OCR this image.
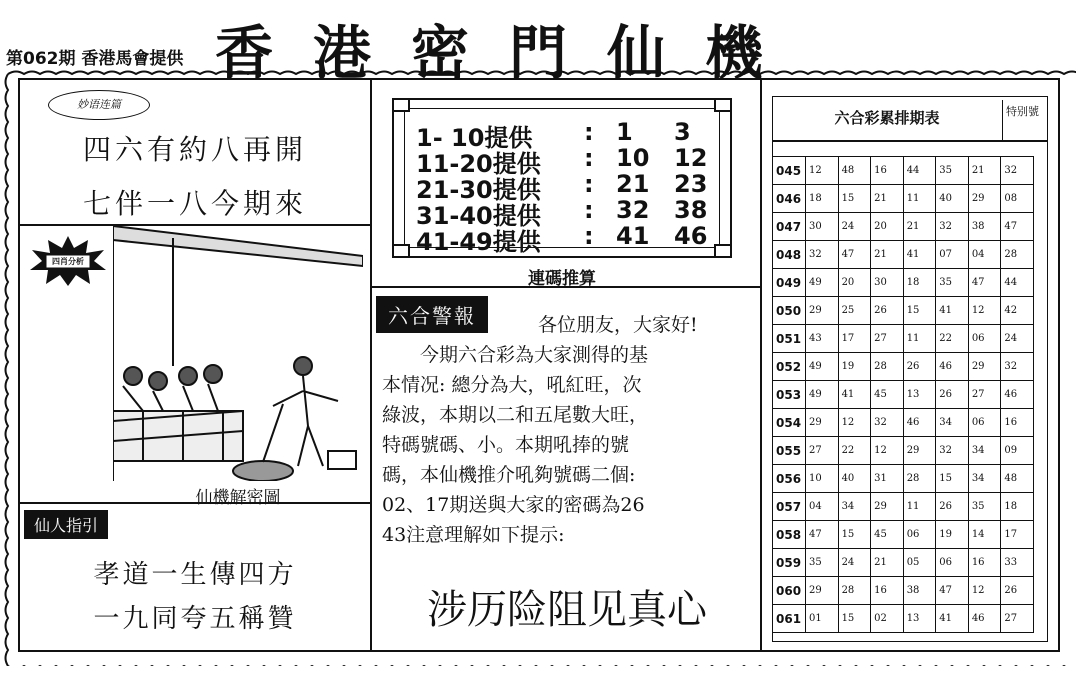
第062期 香港馬會提供 香港密門仙機
妙语连篇
四六有約八再開
七伴一八今期來
四肖分析
仙機解密圖
仙人指引
孝道一生傳四方
一九同夸五稱贊
1- 10提供 : 1 3
11-20提供 : 10 12
21-30提供 : 21 23
31-40提供 : 32 38
41-49提供 : 41 46
連碼推算
六合警報	各位朋友，大家好!
今期六合彩為大家測得的基
本情况: 總分為大，吼紅旺，次
綠波，本期以二和五尾數大旺，
特碼號碼、小。本期吼捧的號
碼，本仙機推介吼夠號碼二個:
02、17期送與大家的密碼為26
43注意理解如下提示:
涉历险阻见真心
六合彩累排期表	特别號
045	12	48	16	44	35	21	32
046	18	15	21	11	40	29	08
047	30	24	20	21	32	38	47
048	32	47	21	41	07	04	28
049	49	20	30	18	35	47	44
050	29	25	26	15	41	12	42
051	43	17	27	11	22	06	24
052	49	19	28	26	46	29	32
053	49	41	45	13	26	27	46
054	29	12	32	46	34	06	16
055	27	22	12	29	32	34	09
056	10	40	31	28	15	34	48
057	04	34	29	11	26	35	18
058	47	15	45	06	19	14	17
059	35	24	21	05	06	16	33
060	29	28	16	38	47	12	26
061	01	15	02	13	41	46	27
